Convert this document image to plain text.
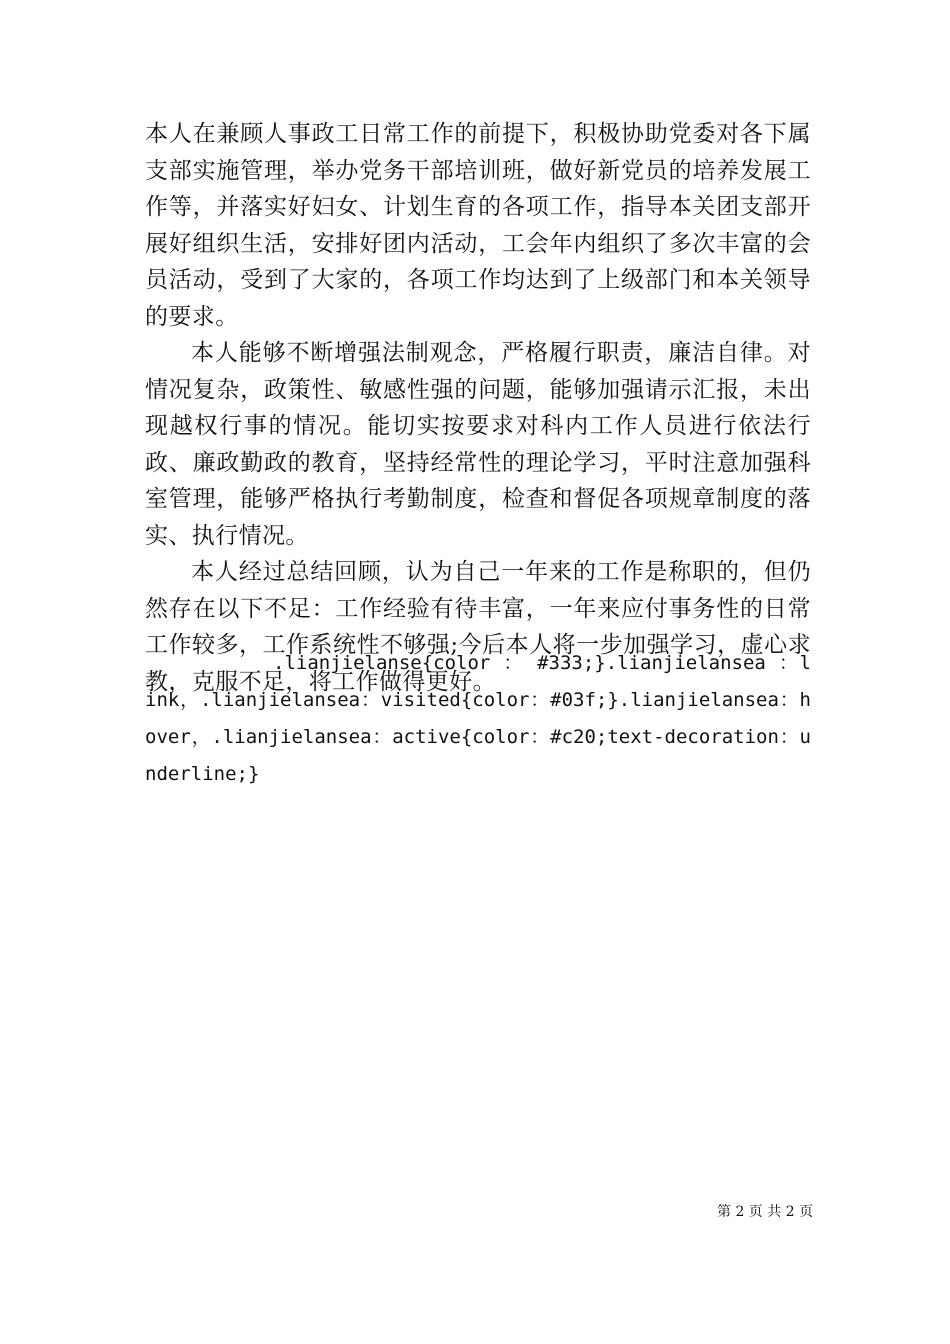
本人在兼顾人事政工日常工作的前提下，积极协助党委对各下属支部实施管理，举办党务干部培训班，做好新党员的培养发展工作等，并落实好妇女、计划生育的各项工作，指导本关团支部开展好组织生活，安排好团内活动，工会年内组织了多次丰富的会员活动，受到了大家的，各项工作均达到了上级部门和本关领导的要求。

本人能够不断增强法制观念，严格履行职责，廉洁自律。对情况复杂，政策性、敏感性强的问题，能够加强请示汇报，未出现越权行事的情况。能切实按要求对科内工作人员进行依法行政、廉政勤政的教育，坚持经常性的理论学习，平时注意加强科室管理，能够严格执行考勤制度，检查和督促各项规章制度的落实、执行情况。

本人经过总结回顾，认为自己一年来的工作是称职的，但仍然存在以下不足：工作经验有待丰富，一年来应付事务性的日常工作较多，工作系统性不够强;今后本人将一步加强学习，虚心求教，克服不足，将工作做得更好。

.lianjielanse{color ： #333;}.lianjielansea ：link，.lianjielansea：visited{color：#03f;}.lianjielansea：hover，.lianjielansea：active{color：#c20;text-decoration：underline;}

第 2 页 共 2 页
